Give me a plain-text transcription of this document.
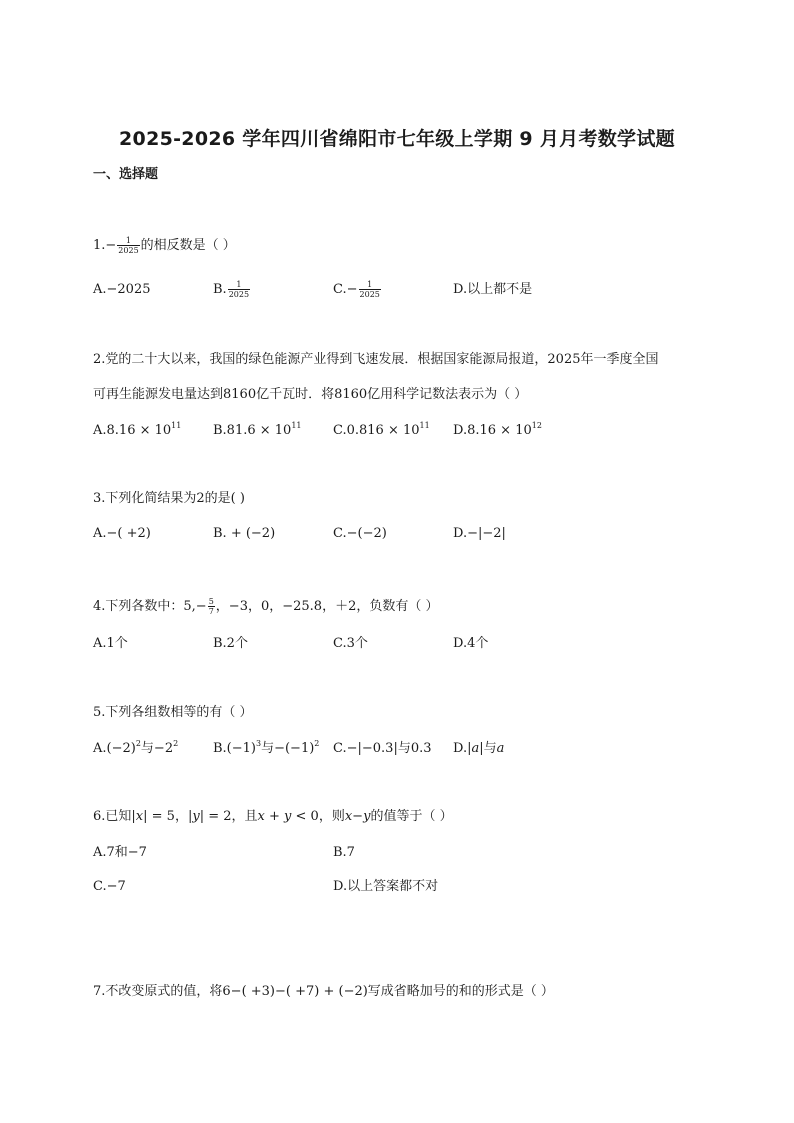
2025-2026 学年四川省绵阳市七年级上学期 9 月月考数学试题
一、选择题
$1.- \frac{1}{2025}$ 的相反数是（ ）
A.−2025	B. $\frac{1}{2025}$	$C.- \frac{1}{2025}$	D.以上都不是
2.党的二十大以来，我国的绿色能源产业得到飞速发展．根据国家能源局报道，2025年一季度全国
可再生能源发电量达到8160亿千瓦时．将8160亿用科学记数法表示为（ ）
$A.8.16 \times 10^{11}$ $B.81.6 \times 10^{11}$ $C.0.816 \times 10^{11}$ $D.8.16 \times 10^{12}$
3.下列化简结果为2的是( )
A.−( +2)	B. + (−2)	C.−(−2)	D.−|−2|
4.下列各数中：$5,- \frac{5}{7}$ ，−3，0，−25.8，＋2，负数有（ ）
A.1个	B.2个	C.3个	D.4个
5.下列各组数相等的有（ ）
$A.(-2)^2$与$-2^2$	$B.(-1)^3$与$-(-1)^2$ C.−|−0.3|与0.3 D.|a|与a
6.已知|x| = 5，|y| = 2，且x + y < 0，则x−y的值等于（ ）
A.7和−7	B.7
C.−7	D.以上答案都不对
7.不改变原式的值，将6−( +3)−( +7) + (−2)写成省略加号的和的形式是（ ）
